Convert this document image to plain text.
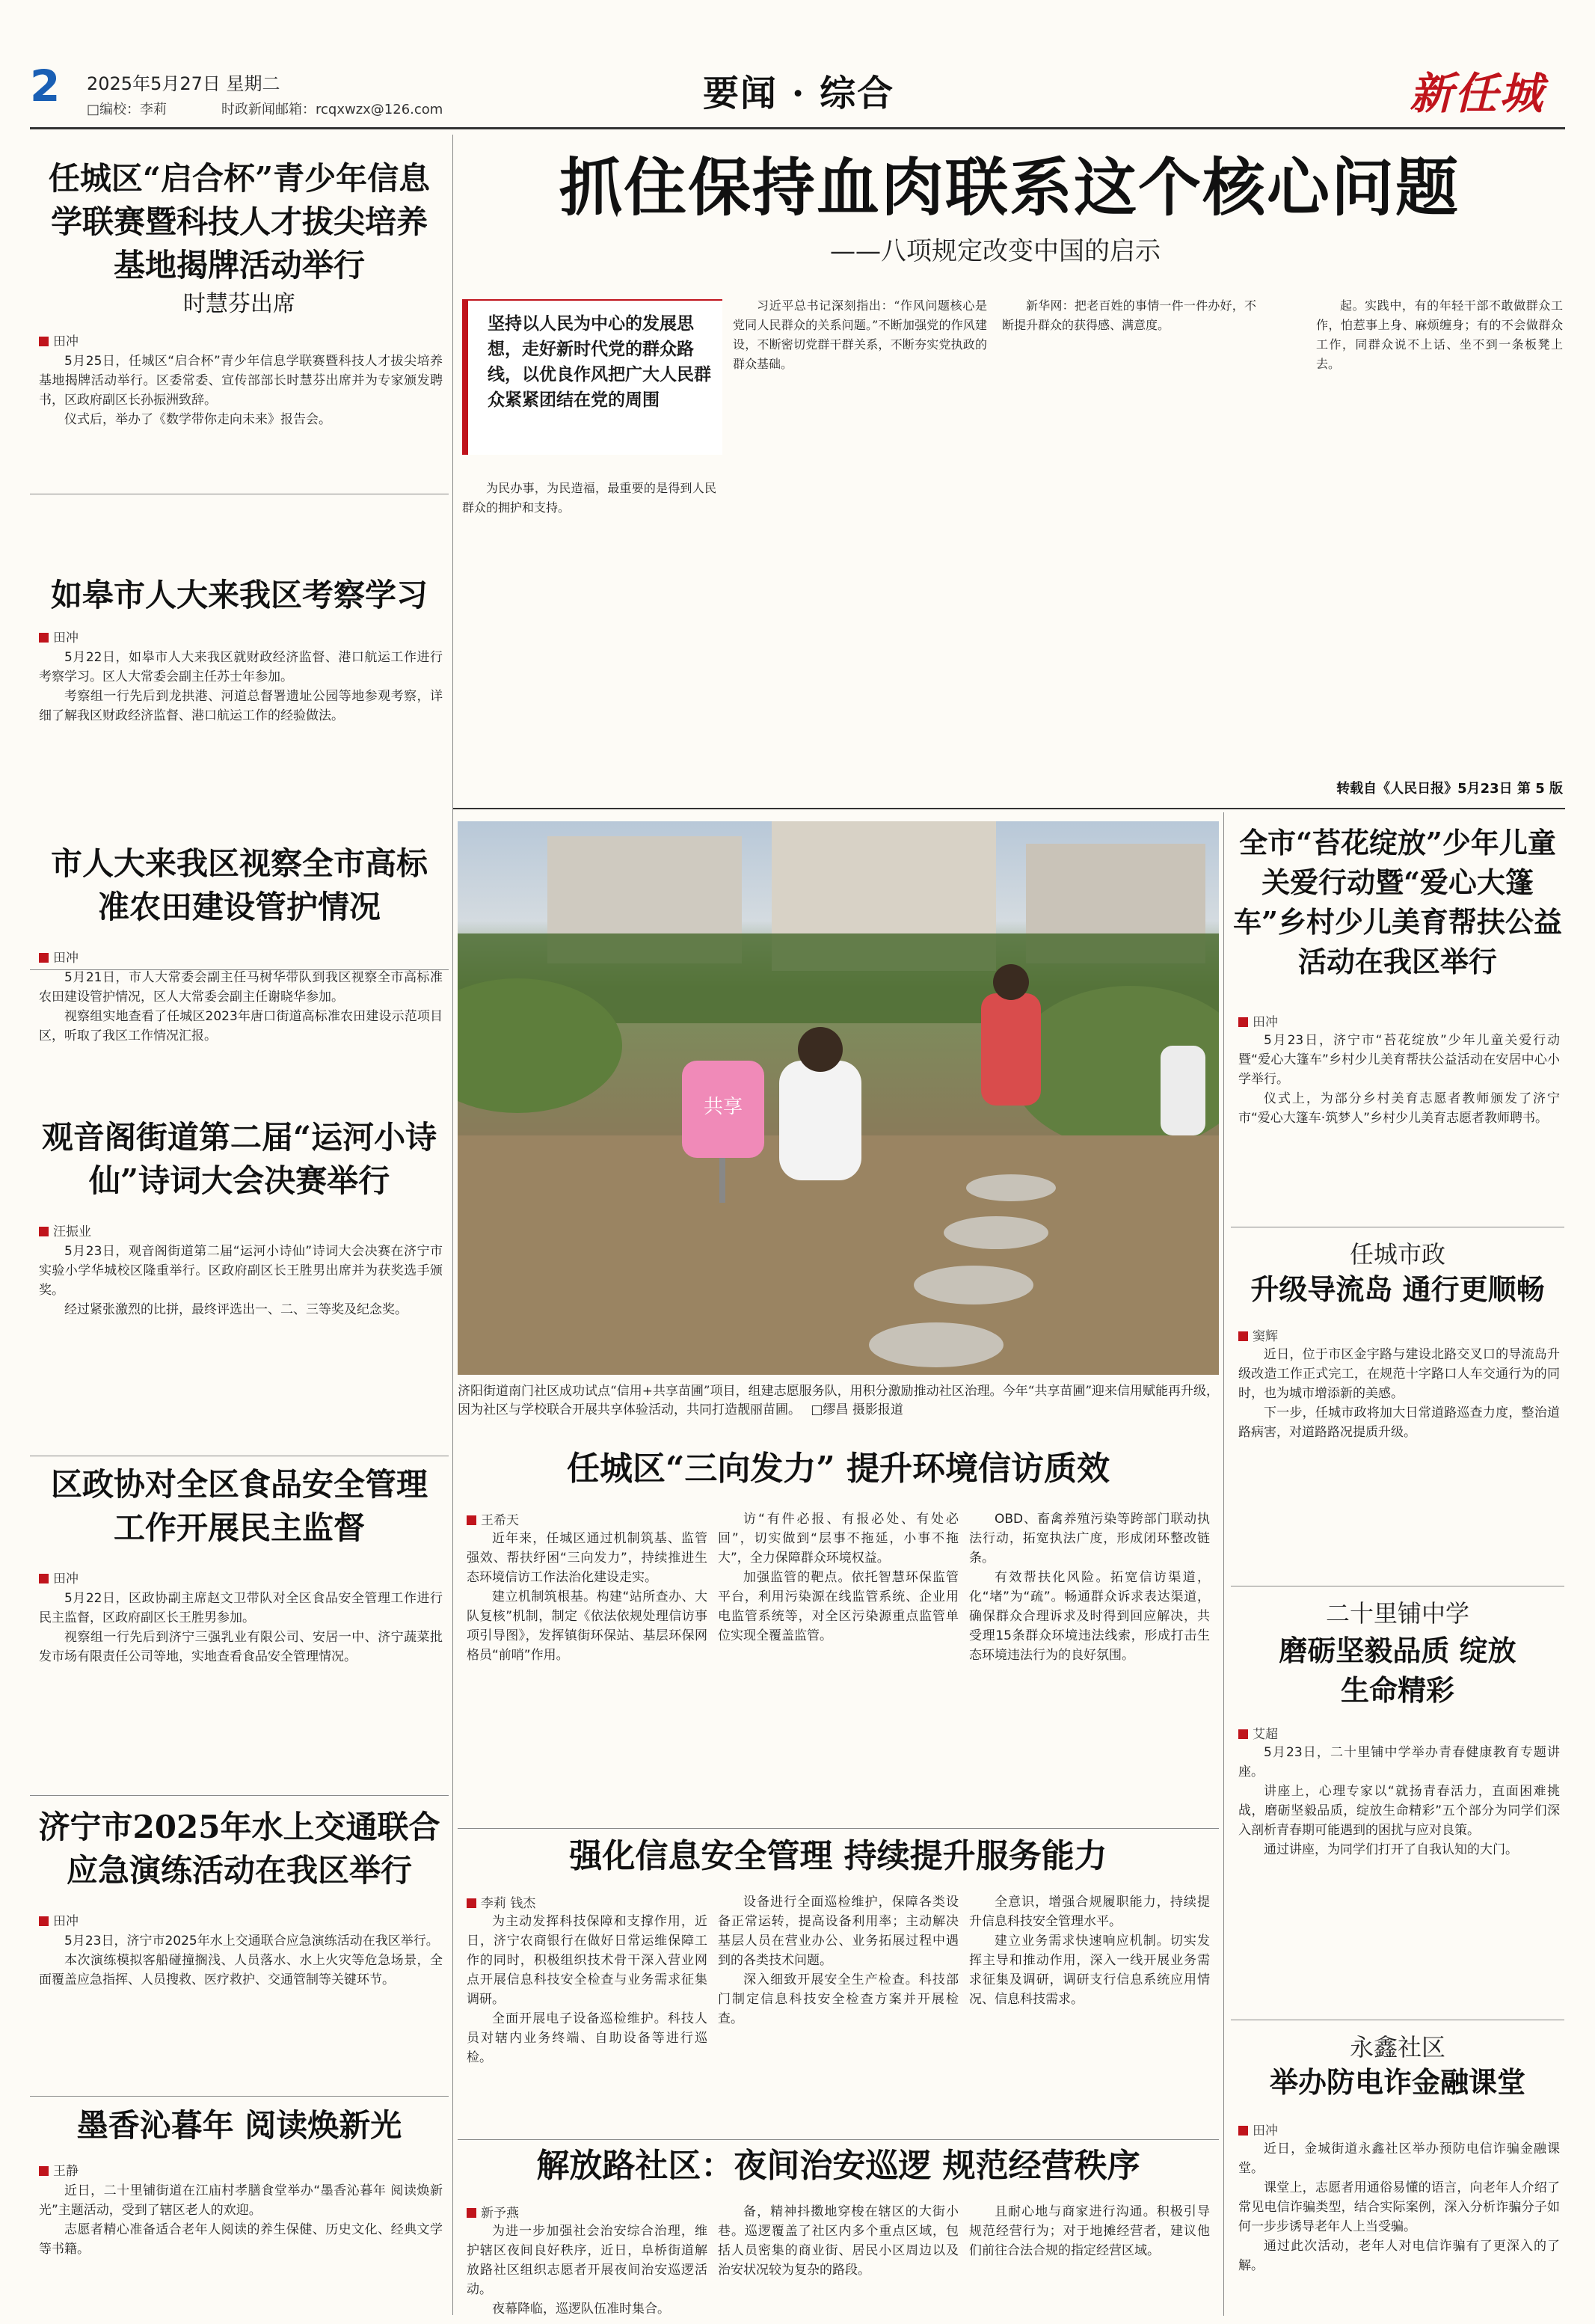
2 2025年5月27日 星期二
□编校：李莉	时政新闻邮箱：rcqxwzx@126.com	要闻 · 综合	新任城
任城区“启合杯”青少年信息学联赛暨科技人才拔尖培养基地揭牌活动举行
时慧芬出席
田冲

5月25日，任城区“启合杯”青少年信息学联赛暨科技人才拔尖培养基地揭牌活动举行。区委常委、宣传部部长时慧芬出席并为专家颁发聘书，区政府副区长孙振洲致辞。

仪式后，举办了《数学带你走向未来》报告会。

如皋市人大来我区考察学习
田冲

5月22日，如皋市人大来我区就财政经济监督、港口航运工作进行考察学习。区人大常委会副主任苏士年参加。

考察组一行先后到龙拱港、河道总督署遗址公园等地参观考察，详细了解我区财政经济监督、港口航运工作的经验做法。

市人大来我区视察全市高标准农田建设管护情况
田冲

5月21日，市人大常委会副主任马树华带队到我区视察全市高标准农田建设管护情况，区人大常委会副主任谢晓华参加。

视察组实地查看了任城区2023年唐口街道高标准农田建设示范项目区，听取了我区工作情况汇报。

观音阁街道第二届“运河小诗仙”诗词大会决赛举行
汪振业

5月23日，观音阁街道第二届“运河小诗仙”诗词大会决赛在济宁市实验小学华城校区隆重举行。区政府副区长王胜男出席并为获奖选手颁奖。

经过紧张激烈的比拼，最终评选出一、二、三等奖及纪念奖。

区政协对全区食品安全管理工作开展民主监督
田冲

5月22日，区政协副主席赵文卫带队对全区食品安全管理工作进行民主监督，区政府副区长王胜男参加。

视察组一行先后到济宁三强乳业有限公司、安居一中、济宁蔬菜批发市场有限责任公司等地，实地查看食品安全管理情况。

济宁市2025年水上交通联合应急演练活动在我区举行
田冲

5月23日，济宁市2025年水上交通联合应急演练活动在我区举行。

本次演练模拟客船碰撞搁浅、人员落水、水上火灾等危急场景，全面覆盖应急指挥、人员搜救、医疗救护、交通管制等关键环节。

墨香沁暮年 阅读焕新光
王静

近日，二十里铺街道在江庙村孝膳食堂举办“墨香沁暮年 阅读焕新光”主题活动，受到了辖区老人的欢迎。

志愿者精心准备适合老年人阅读的养生保健、历史文化、经典文学等书籍。

抓住保持血肉联系这个核心问题
——八项规定改变中国的启示
坚持以人民为中心的发展思想，走好新时代党的群众路线，以优良作风把广大人民群众紧紧团结在党的周围

为民办事，为民造福，最重要的是得到人民群众的拥护和支持。

习近平总书记深刻指出：“作风问题核心是党同人民群众的关系问题。”不断加强党的作风建设，不断密切党群干群关系，不断夯实党执政的群众基础。

新华网：把老百姓的事情一件一件办好，不断提升群众的获得感、满意度。

起。实践中，有的年轻干部不敢做群众工作，怕惹事上身、麻烦缠身；有的不会做群众工作，同群众说不上话、坐不到一条板凳上去。

转载自《人民日报》5月23日 第 5 版
共享
济阳街道南门社区成功试点“信用+共享苗圃”项目，组建志愿服务队，用积分激励推动社区治理。今年“共享苗圃”迎来信用赋能再升级，因为社区与学校联合开展共享体验活动，共同打造靓丽苗圃。 □缪昌 摄影报道
任城区“三向发力” 提升环境信访质效
王希天

近年来，任城区通过机制筑基、监管强效、帮扶纾困“三向发力”，持续推进生态环境信访工作法治化建设走实。

建立机制筑根基。构建“站所查办、大队复核”机制，制定《依法依规处理信访事项引导图》，发挥镇街环保站、基层环保网格员“前哨”作用。

访“有件必报、有报必处、有处必回”，切实做到“层事不拖延，小事不拖大”，全力保障群众环境权益。

加强监管的靶点。依托智慧环保监管平台，利用污染源在线监管系统、企业用电监管系统等，对全区污染源重点监管单位实现全覆盖监管。

OBD、畜禽养殖污染等跨部门联动执法行动，拓宽执法广度，形成闭环整改链条。

有效帮扶化风险。拓宽信访渠道，化“堵”为“疏”。畅通群众诉求表达渠道，确保群众合理诉求及时得到回应解决，共受理15条群众环境违法线索，形成打击生态环境违法行为的良好氛围。

强化信息安全管理 持续提升服务能力
李莉 钱杰

为主动发挥科技保障和支撑作用，近日，济宁农商银行在做好日常运维保障工作的同时，积极组织技术骨干深入营业网点开展信息科技安全检查与业务需求征集调研。

全面开展电子设备巡检维护。科技人员对辖内业务终端、自助设备等进行巡检。

设备进行全面巡检维护，保障各类设备正常运转，提高设备利用率；主动解决基层人员在营业办公、业务拓展过程中遇到的各类技术问题。

深入细致开展安全生产检查。科技部门制定信息科技安全检查方案并开展检查。

全意识，增强合规履职能力，持续提升信息科技安全管理水平。

建立业务需求快速响应机制。切实发挥主导和推动作用，深入一线开展业务需求征集及调研，调研支行信息系统应用情况、信息科技需求。

解放路社区：夜间治安巡逻 规范经营秩序
新予燕

为进一步加强社会治安综合治理，维护辖区夜间良好秩序，近日，阜桥街道解放路社区组织志愿者开展夜间治安巡逻活动。

夜幕降临，巡逻队伍准时集合。

备，精神抖擞地穿梭在辖区的大街小巷。巡逻覆盖了社区内多个重点区域，包括人员密集的商业街、居民小区周边以及治安状况较为复杂的路段。

且耐心地与商家进行沟通。积极引导规范经营行为；对于地摊经营者，建议他们前往合法合规的指定经营区域。

全市“苔花绽放”少年儿童关爱行动暨“爱心大篷车”乡村少儿美育帮扶公益活动在我区举行
田冲

5月23日，济宁市“苔花绽放”少年儿童关爱行动暨“爱心大篷车”乡村少儿美育帮扶公益活动在安居中心小学举行。

仪式上，为部分乡村美育志愿者教师颁发了济宁市“爱心大篷车·筑梦人”乡村少儿美育志愿者教师聘书。

任城市政
升级导流岛 通行更顺畅
窦辉

近日，位于市区金宇路与建设北路交叉口的导流岛升级改造工作正式完工，在规范十字路口人车交通行为的同时，也为城市增添新的美感。

下一步，任城市政将加大日常道路巡查力度，整治道路病害，对道路路况提质升级。

二十里铺中学
磨砺坚毅品质 绽放生命精彩
艾超

5月23日，二十里铺中学举办青春健康教育专题讲座。

讲座上，心理专家以“就扬青春活力，直面困难挑战，磨砺坚毅品质，绽放生命精彩”五个部分为同学们深入剖析青春期可能遇到的困扰与应对良策。

通过讲座，为同学们打开了自我认知的大门。

永鑫社区
举办防电诈金融课堂
田冲

近日，金城街道永鑫社区举办预防电信诈骗金融课堂。

课堂上，志愿者用通俗易懂的语言，向老年人介绍了常见电信诈骗类型，结合实际案例，深入分析诈骗分子如何一步步诱导老年人上当受骗。

通过此次活动，老年人对电信诈骗有了更深入的了解。
